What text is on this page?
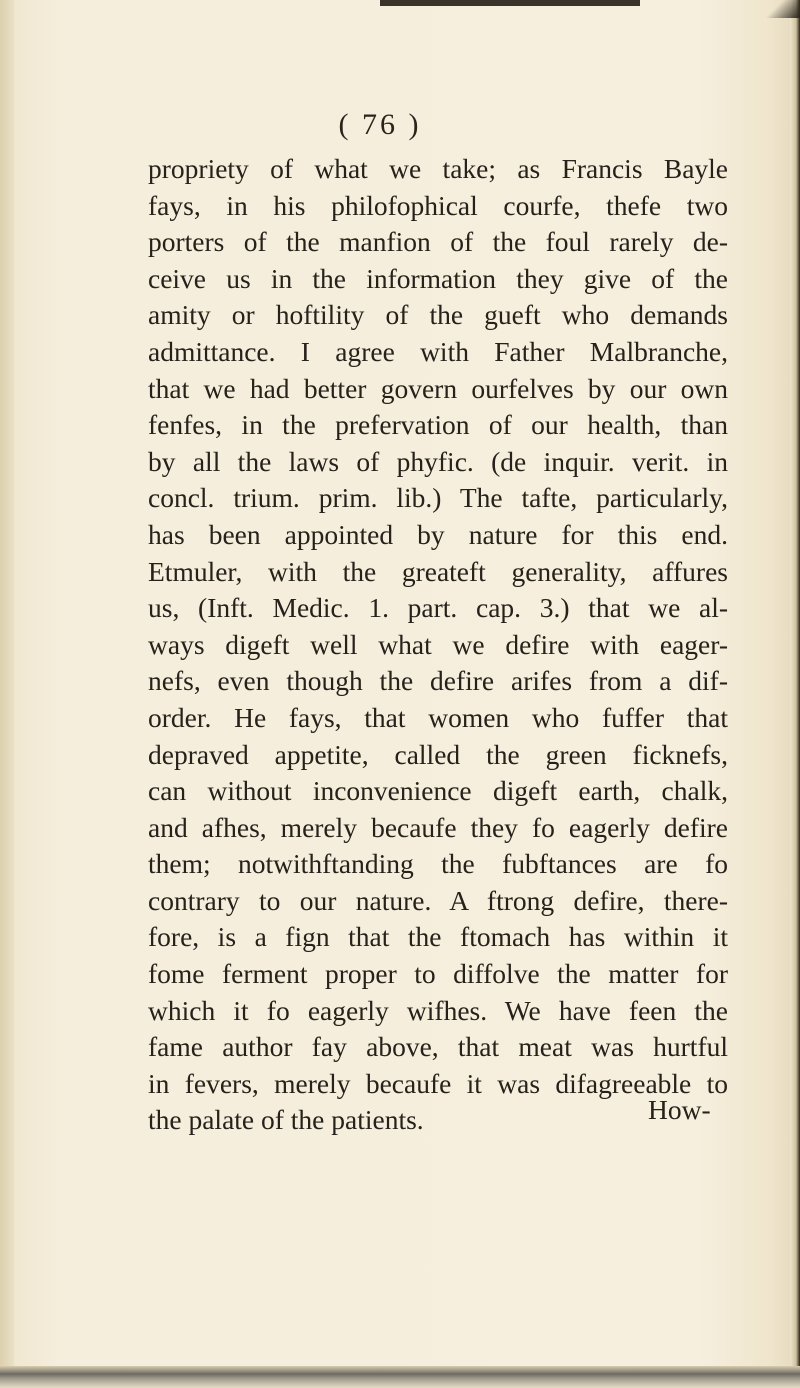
( 76 )
propriety of what we take; as Francis Bayle
fays, in his philofophical courfe, thefe two
porters of the manfion of the foul rarely de-
ceive us in the information they give of the
amity or hoftility of the gueft who demands
admittance. I agree with Father Malbranche,
that we had better govern ourfelves by our own
fenfes, in the prefervation of our health, than
by all the laws of phyfic. (de inquir. verit. in
concl. trium. prim. lib.) The tafte, particularly,
has been appointed by nature for this end.
Etmuler, with the greateft generality, affures
us, (Inft. Medic. 1. part. cap. 3.) that we al-
ways digeft well what we defire with eager-
nefs, even though the defire arifes from a dif-
order. He fays, that women who fuffer that
depraved appetite, called the green ficknefs,
can without inconvenience digeft earth, chalk,
and afhes, merely becaufe they fo eagerly defire
them; notwithftanding the fubftances are fo
contrary to our nature. A ftrong defire, there-
fore, is a fign that the ftomach has within it
fome ferment proper to diffolve the matter for
which it fo eagerly wifhes. We have feen the
fame author fay above, that meat was hurtful
in fevers, merely becaufe it was difagreeable to
the palate of the patients.	How-
